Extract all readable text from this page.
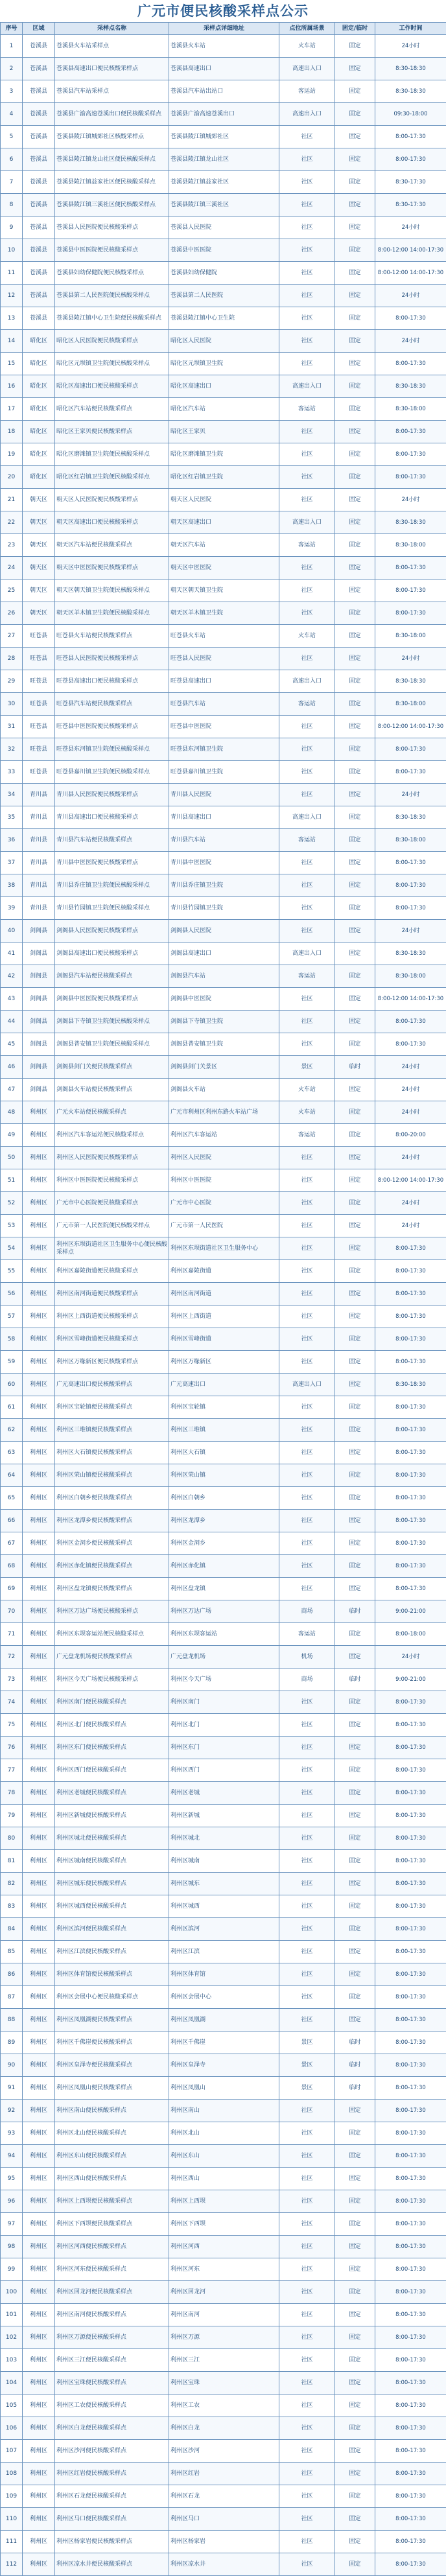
广元市便民核酸采样点公示
序号	区域	采样点名称	采样点详细地址	点位所属场景	固定/临时	工作时间
1	苍溪县	苍溪县火车站采样点	苍溪县火车站	火车站	固定	24小时
2	苍溪县	苍溪县高速出口便民核酸采样点	苍溪县高速出口	高速出入口	固定	8:30-18:30
3	苍溪县	苍溪县汽车站采样点	苍溪县汽车站出站口	客运站	固定	8:30-18:30
4	苍溪县	苍溪县广渝高速苍溪出口便民核酸采样点	苍溪县广渝高速苍溪出口	高速出入口	固定	09:30-18:00
5	苍溪县	苍溪县陵江镇城郊社区核酸采样点	苍溪县陵江镇城郊社区	社区	固定	8:00-17:30
6	苍溪县	苍溪县陵江镇龙山社区便民核酸采样点	苍溪县陵江镇龙山社区	社区	固定	8:00-17:30
7	苍溪县	苍溪县陵江镇益家社区便民核酸采样点	苍溪县陵江镇益家社区	社区	固定	8:30-17:30
8	苍溪县	苍溪县陵江镇三溪社区便民核酸采样点	苍溪县陵江镇三溪社区	社区	固定	8:30-17:30
9	苍溪县	苍溪县人民医院便民核酸采样点	苍溪县人民医院	社区	固定	24小时
10	苍溪县	苍溪县中医医院便民核酸采样点	苍溪县中医医院	社区	固定	8:00-12:00 14:00-17:30
11	苍溪县	苍溪县妇幼保健院便民核酸采样点	苍溪县妇幼保健院	社区	固定	8:00-12:00 14:00-17:30
12	苍溪县	苍溪县第二人民医院便民核酸采样点	苍溪县第二人民医院	社区	固定	24小时
13	苍溪县	苍溪县陵江镇中心卫生院便民核酸采样点	苍溪县陵江镇中心卫生院	社区	固定	8:00-17:30
14	昭化区	昭化区人民医院便民核酸采样点	昭化区人民医院	社区	固定	24小时
15	昭化区	昭化区元坝镇卫生院便民核酸采样点	昭化区元坝镇卫生院	社区	固定	8:00-17:30
16	昭化区	昭化区高速出口便民核酸采样点	昭化区高速出口	高速出入口	固定	8:30-18:30
17	昭化区	昭化区汽车站便民核酸采样点	昭化区汽车站	客运站	固定	8:30-18:00
18	昭化区	昭化区王家贝便民核酸采样点	昭化区王家贝	社区	固定	8:00-17:30
19	昭化区	昭化区磨滩镇卫生院便民核酸采样点	昭化区磨滩镇卫生院	社区	固定	8:00-17:30
20	昭化区	昭化区红岩镇卫生院便民核酸采样点	昭化区红岩镇卫生院	社区	固定	8:00-17:30
21	朝天区	朝天区人民医院便民核酸采样点	朝天区人民医院	社区	固定	24小时
22	朝天区	朝天区高速出口便民核酸采样点	朝天区高速出口	高速出入口	固定	8:30-18:30
23	朝天区	朝天区汽车站便民核酸采样点	朝天区汽车站	客运站	固定	8:30-18:00
24	朝天区	朝天区中医医院便民核酸采样点	朝天区中医医院	社区	固定	8:00-17:30
25	朝天区	朝天区朝天镇卫生院便民核酸采样点	朝天区朝天镇卫生院	社区	固定	8:00-17:30
26	朝天区	朝天区羊木镇卫生院便民核酸采样点	朝天区羊木镇卫生院	社区	固定	8:00-17:30
27	旺苍县	旺苍县火车站便民核酸采样点	旺苍县火车站	火车站	固定	8:30-18:00
28	旺苍县	旺苍县人民医院便民核酸采样点	旺苍县人民医院	社区	固定	24小时
29	旺苍县	旺苍县高速出口便民核酸采样点	旺苍县高速出口	高速出入口	固定	8:30-18:30
30	旺苍县	旺苍县汽车站便民核酸采样点	旺苍县汽车站	客运站	固定	8:30-18:00
31	旺苍县	旺苍县中医医院便民核酸采样点	旺苍县中医医院	社区	固定	8:00-12:00 14:00-17:30
32	旺苍县	旺苍县东河镇卫生院便民核酸采样点	旺苍县东河镇卫生院	社区	固定	8:00-17:30
33	旺苍县	旺苍县嘉川镇卫生院便民核酸采样点	旺苍县嘉川镇卫生院	社区	固定	8:00-17:30
34	青川县	青川县人民医院便民核酸采样点	青川县人民医院	社区	固定	24小时
35	青川县	青川县高速出口便民核酸采样点	青川县高速出口	高速出入口	固定	8:30-18:30
36	青川县	青川县汽车站便民核酸采样点	青川县汽车站	客运站	固定	8:30-18:00
37	青川县	青川县中医医院便民核酸采样点	青川县中医医院	社区	固定	8:00-17:30
38	青川县	青川县乔庄镇卫生院便民核酸采样点	青川县乔庄镇卫生院	社区	固定	8:00-17:30
39	青川县	青川县竹园镇卫生院便民核酸采样点	青川县竹园镇卫生院	社区	固定	8:00-17:30
40	剑阁县	剑阁县人民医院便民核酸采样点	剑阁县人民医院	社区	固定	24小时
41	剑阁县	剑阁县高速出口便民核酸采样点	剑阁县高速出口	高速出入口	固定	8:30-18:30
42	剑阁县	剑阁县汽车站便民核酸采样点	剑阁县汽车站	客运站	固定	8:30-18:00
43	剑阁县	剑阁县中医医院便民核酸采样点	剑阁县中医医院	社区	固定	8:00-12:00 14:00-17:30
44	剑阁县	剑阁县下寺镇卫生院便民核酸采样点	剑阁县下寺镇卫生院	社区	固定	8:00-17:30
45	剑阁县	剑阁县普安镇卫生院便民核酸采样点	剑阁县普安镇卫生院	社区	固定	8:00-17:30
46	剑阁县	剑阁县剑门关便民核酸采样点	剑阁县剑门关景区	景区	临时	24小时
47	剑阁县	剑阁县火车站便民核酸采样点	剑阁县火车站	火车站	固定	24小时
48	利州区	广元火车站便民核酸采样点	广元市利州区利州东路火车站广场	火车站	固定	24小时
49	利州区	利州区汽车客运站便民核酸采样点	利州区汽车客运站	客运站	固定	8:00-20:00
50	利州区	利州区人民医院便民核酸采样点	利州区人民医院	社区	固定	24小时
51	利州区	利州区中医医院便民核酸采样点	利州区中医医院	社区	固定	8:00-12:00 14:00-17:30
52	利州区	广元市中心医院便民核酸采样点	广元市中心医院	社区	固定	24小时
53	利州区	广元市第一人民医院便民核酸采样点	广元市第一人民医院	社区	固定	24小时
54	利州区	利州区东坝街道社区卫生服务中心便民核酸采样点	利州区东坝街道社区卫生服务中心	社区	固定	8:00-17:30
55	利州区	利州区嘉陵街道便民核酸采样点	利州区嘉陵街道	社区	固定	8:00-17:30
56	利州区	利州区南河街道便民核酸采样点	利州区南河街道	社区	固定	8:00-17:30
57	利州区	利州区上西街道便民核酸采样点	利州区上西街道	社区	固定	8:00-17:30
58	利州区	利州区雪峰街道便民核酸采样点	利州区雪峰街道	社区	固定	8:00-17:30
59	利州区	利州区万缘新区便民核酸采样点	利州区万缘新区	社区	固定	8:00-17:30
60	利州区	广元高速出口便民核酸采样点	广元高速出口	高速出入口	固定	8:30-18:30
61	利州区	利州区宝轮镇便民核酸采样点	利州区宝轮镇	社区	固定	8:00-17:30
62	利州区	利州区三堆镇便民核酸采样点	利州区三堆镇	社区	固定	8:00-17:30
63	利州区	利州区大石镇便民核酸采样点	利州区大石镇	社区	固定	8:00-17:30
64	利州区	利州区荣山镇便民核酸采样点	利州区荣山镇	社区	固定	8:00-17:30
65	利州区	利州区白朝乡便民核酸采样点	利州区白朝乡	社区	固定	8:00-17:30
66	利州区	利州区龙潭乡便民核酸采样点	利州区龙潭乡	社区	固定	8:00-17:30
67	利州区	利州区金洞乡便民核酸采样点	利州区金洞乡	社区	固定	8:00-17:30
68	利州区	利州区赤化镇便民核酸采样点	利州区赤化镇	社区	固定	8:00-17:30
69	利州区	利州区盘龙镇便民核酸采样点	利州区盘龙镇	社区	固定	8:00-17:30
70	利州区	利州区万达广场便民核酸采样点	利州区万达广场	商场	临时	9:00-21:00
71	利州区	利州区东坝客运站便民核酸采样点	利州区东坝客运站	客运站	固定	8:00-18:00
72	利州区	广元盘龙机场便民核酸采样点	广元盘龙机场	机场	固定	24小时
73	利州区	利州区今天广场便民核酸采样点	利州区今天广场	商场	临时	9:00-21:00
74	利州区	利州区南门便民核酸采样点	利州区南门	社区	固定	8:00-17:30
75	利州区	利州区北门便民核酸采样点	利州区北门	社区	固定	8:00-17:30
76	利州区	利州区东门便民核酸采样点	利州区东门	社区	固定	8:00-17:30
77	利州区	利州区西门便民核酸采样点	利州区西门	社区	固定	8:00-17:30
78	利州区	利州区老城便民核酸采样点	利州区老城	社区	固定	8:00-17:30
79	利州区	利州区新城便民核酸采样点	利州区新城	社区	固定	8:00-17:30
80	利州区	利州区城北便民核酸采样点	利州区城北	社区	固定	8:00-17:30
81	利州区	利州区城南便民核酸采样点	利州区城南	社区	固定	8:00-17:30
82	利州区	利州区城东便民核酸采样点	利州区城东	社区	固定	8:00-17:30
83	利州区	利州区城西便民核酸采样点	利州区城西	社区	固定	8:00-17:30
84	利州区	利州区滨河便民核酸采样点	利州区滨河	社区	固定	8:00-17:30
85	利州区	利州区江滨便民核酸采样点	利州区江滨	社区	固定	8:00-17:30
86	利州区	利州区体育馆便民核酸采样点	利州区体育馆	社区	固定	8:00-17:30
87	利州区	利州区会展中心便民核酸采样点	利州区会展中心	社区	固定	8:00-17:30
88	利州区	利州区凤凰湖便民核酸采样点	利州区凤凰湖	社区	固定	8:00-17:30
89	利州区	利州区千佛崖便民核酸采样点	利州区千佛崖	景区	临时	8:00-17:30
90	利州区	利州区皇泽寺便民核酸采样点	利州区皇泽寺	景区	临时	8:00-17:30
91	利州区	利州区凤凰山便民核酸采样点	利州区凤凰山	景区	临时	8:00-17:30
92	利州区	利州区南山便民核酸采样点	利州区南山	社区	固定	8:00-17:30
93	利州区	利州区北山便民核酸采样点	利州区北山	社区	固定	8:00-17:30
94	利州区	利州区东山便民核酸采样点	利州区东山	社区	固定	8:00-17:30
95	利州区	利州区西山便民核酸采样点	利州区西山	社区	固定	8:00-17:30
96	利州区	利州区上西坝便民核酸采样点	利州区上西坝	社区	固定	8:00-17:30
97	利州区	利州区下西坝便民核酸采样点	利州区下西坝	社区	固定	8:00-17:30
98	利州区	利州区河西便民核酸采样点	利州区河西	社区	固定	8:00-17:30
99	利州区	利州区河东便民核酸采样点	利州区河东	社区	固定	8:00-17:30
100	利州区	利州区回龙河便民核酸采样点	利州区回龙河	社区	固定	8:00-17:30
101	利州区	利州区南河便民核酸采样点	利州区南河	社区	固定	8:00-17:30
102	利州区	利州区万源便民核酸采样点	利州区万源	社区	固定	8:00-17:30
103	利州区	利州区三江便民核酸采样点	利州区三江	社区	固定	8:00-17:30
104	利州区	利州区宝珠便民核酸采样点	利州区宝珠	社区	固定	8:00-17:30
105	利州区	利州区工农便民核酸采样点	利州区工农	社区	固定	8:00-17:30
106	利州区	利州区白龙便民核酸采样点	利州区白龙	社区	固定	8:00-17:30
107	利州区	利州区沙河便民核酸采样点	利州区沙河	社区	固定	8:00-17:30
108	利州区	利州区红岩便民核酸采样点	利州区红岩	社区	固定	8:00-17:30
109	利州区	利州区石龙便民核酸采样点	利州区石龙	社区	固定	8:00-17:30
110	利州区	利州区马口便民核酸采样点	利州区马口	社区	固定	8:00-17:30
111	利州区	利州区杨家岩便民核酸采样点	利州区杨家岩	社区	固定	8:00-17:30
112	利州区	利州区凉水井便民核酸采样点	利州区凉水井	社区	固定	8:00-17:30
